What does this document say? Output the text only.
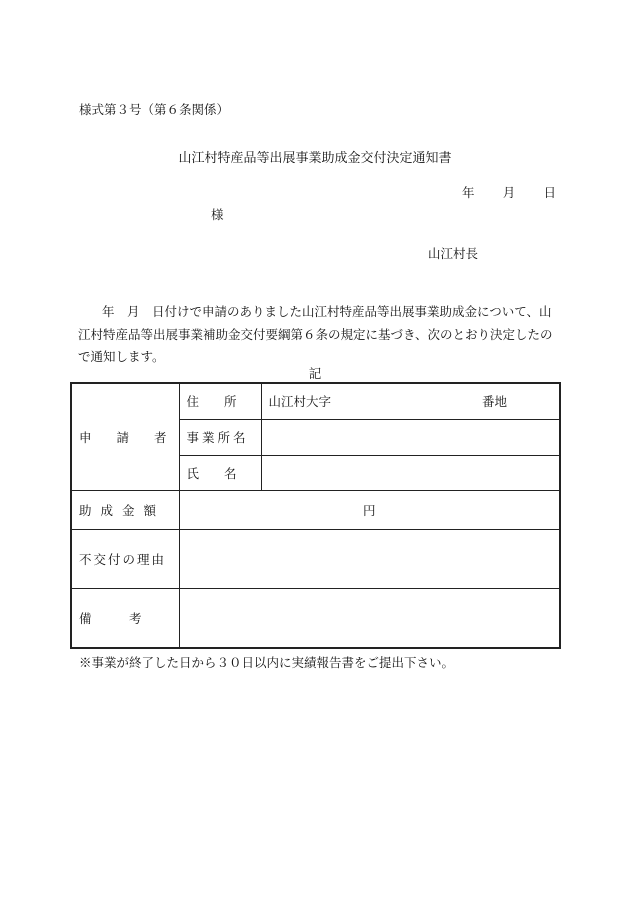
様式第３号（第６条関係）
山江村特産品等出展事業助成金交付決定通知書
年 月 日
様
山江村長
年　月　日付けで申請のありました山江村特産品等出展事業助成金について、山江村特産品等出展事業補助金交付要綱第６条の規定に基づき、次のとおり決定したので通知します。
記
申　　請　　者	住　　所	山江村大字 番地

	事業所名	
	氏　　名	
助成金額	円	
不交付の理由		
備　　　考		
※事業が終了した日から３０日以内に実績報告書をご提出下さい。
